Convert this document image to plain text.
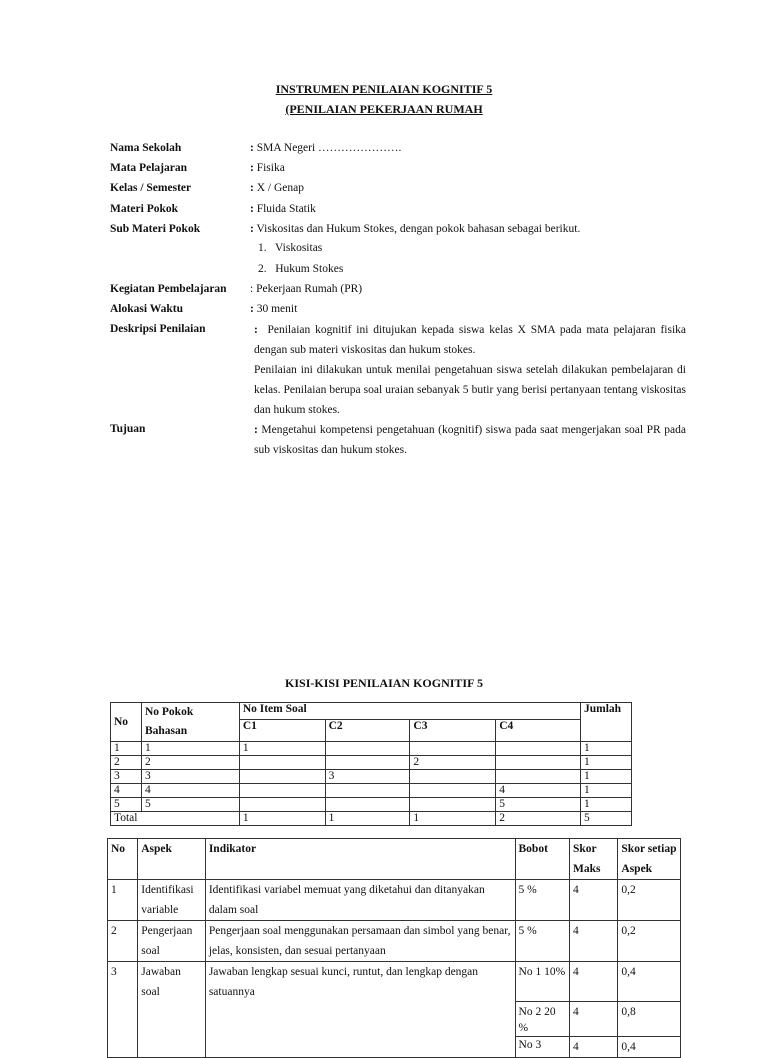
INSTRUMEN PENILAIAN KOGNITIF 5
(PENILAIAN PEKERJAAN RUMAH
Nama Sekolah	: SMA Negeri ………………….
Mata Pelajaran	: Fisika
Kelas / Semester	: X / Genap
Materi Pokok	: Fluida Statik
Sub Materi Pokok	: Viskositas dan Hukum Stokes, dengan pokok bahasan sebagai berikut.
1.   Viskositas
2.   Hukum Stokes
Kegiatan Pembelajaran : Pekerjaan Rumah (PR)
Alokasi Waktu	: 30 menit
Deskripsi Penilaian	: Penilaian kognitif ini ditujukan kepada siswa kelas X SMA pada mata pelajaran fisika dengan sub materi viskositas dan hukum stokes.
Penilaian ini dilakukan untuk menilai pengetahuan siswa setelah dilakukan pembelajaran di kelas. Penilaian berupa soal uraian sebanyak 5 butir yang berisi pertanyaan tentang viskositas dan hukum stokes.
Tujuan	: Mengetahui kompetensi pengetahuan (kognitif) siswa pada saat mengerjakan soal PR pada sub viskositas dan hukum stokes.
KISI-KISI PENILAIAN KOGNITIF 5
No	No Pokok Bahasan	No Item Soal				Jumlah
		C1	C2	C3	C4	
1	1	1				1
2	2			2		1
3	3		3			1
4	4				4	1
5	5				5	1
Total		1	1	1	2	5
No	Aspek	Indikator	Bobot	Skor Maks	Skor setiap Aspek
1	Identifikasi variable	Identifikasi variabel memuat yang diketahui dan ditanyakan dalam soal	5 %	4	0,2
2	Pengerjaan soal	Pengerjaan soal menggunakan persamaan dan simbol yang benar, jelas, konsisten, dan sesuai pertanyaan	5 %	4	0,2
3	Jawaban soal	Jawaban lengkap sesuai kunci, runtut, dan lengkap dengan satuannya	No 1 10%	4	0,4
			No 2 20 %	4	0,8
			No 3	4	0,4
